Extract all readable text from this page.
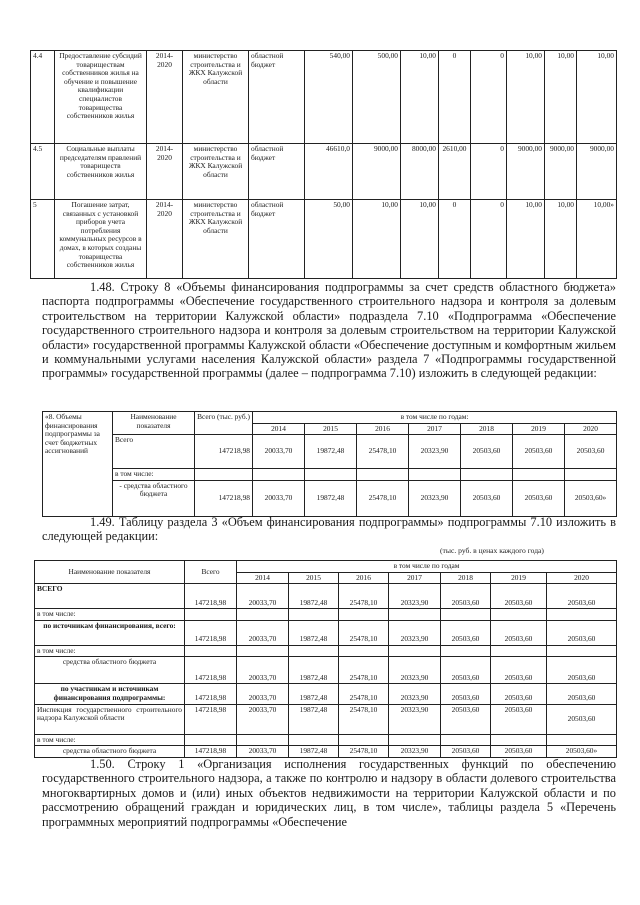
4.4	Предоставление субсидий товариществам собственников жилья на обучение и повышение квалификации специалистов товарищества собственников жилья	2014-2020	министерство строительства и ЖКХ Калужской области	областной бюджет	540,00	500,00	10,00	0	0	10,00	10,00	10,00
4.5	Социальные выплаты председателям правлений товариществ собственников жилья	2014-2020	министерство строительства и ЖКХ Калужской области	областной бюджет	46610,0	9000,00	8000,00	2610,00	0	9000,00	9000,00	9000,00
5	Погашение затрат, связанных с установкой приборов учета потребления коммунальных ресурсов в домах, в которых созданы товарищества собственников жилья	2014-2020	министерство строительства и ЖКХ Калужской области	областной бюджет	50,00	10,00	10,00	0	0	10,00	10,00	10,00»
1.48. Строку 8 «Объемы финансирования подпрограммы за счет средств областного бюджета» паспорта подпрограммы «Обеспечение государственного строительного надзора и контроля за долевым строительством на территории Калужской области» подраздела 7.10 «Подпрограмма «Обеспечение государственного строительного надзора и контроля за долевым строительством на территории Калужской области» государственной программы Калужской области «Обеспечение доступным и комфортным жильем и коммунальными услугами населения Калужской области» раздела 7 «Подпрограммы государственной программы» государственной программы (далее – подпрограмма 7.10) изложить в следующей редакции:
«8. Объемы финансирования подпрограммы за счет бюджетных ассигнований	Наименование показателя	Всего (тыс. руб.)	в том числе по годам:						
			2014	2015	2016	2017	2018	2019	2020
	Всего	147218,98	20033,70	19872,48	25478,10	20323,90	20503,60	20503,60	20503,60
	в том числе:								
	- средства областного бюджета	147218,98	20033,70	19872,48	25478,10	20323,90	20503,60	20503,60	20503,60»
1.49. Таблицу раздела 3 «Объем финансирования подпрограммы» подпрограммы 7.10 изложить в следующей редакции:
(тыс. руб. в ценах каждого года)
Наименование показателя	Всего	в том числе по годам						
		2014	2015	2016	2017	2018	2019	2020
ВСЕГО	147218,98	20033,70	19872,48	25478,10	20323,90	20503,60	20503,60	20503,60
в том числе:								
по источникам финансирования, всего:	147218,98	20033,70	19872,48	25478,10	20323,90	20503,60	20503,60	20503,60
в том числе:								
средства областного бюджета	147218,98	20033,70	19872,48	25478,10	20323,90	20503,60	20503,60	20503,60
по участникам и источникам финансирования подпрограммы:	147218,98	20033,70	19872,48	25478,10	20323,90	20503,60	20503,60	20503,60
Инспекция государственного строительного надзора Калужской области	147218,98	20033,70	19872,48	25478,10	20323,90	20503,60	20503,60	20503,60
в том числе:								
средства областного бюджета	147218,98	20033,70	19872,48	25478,10	20323,90	20503,60	20503,60	20503,60»
1.50. Строку 1 «Организация исполнения государственных функций по обеспечению государственного строительного надзора, а также по контролю и надзору в области долевого строительства многоквартирных домов и (или) иных объектов недвижимости на территории Калужской области и по рассмотрению обращений граждан и юридических лиц, в том числе», таблицы раздела 5 «Перечень программных мероприятий подпрограммы «Обеспечение
